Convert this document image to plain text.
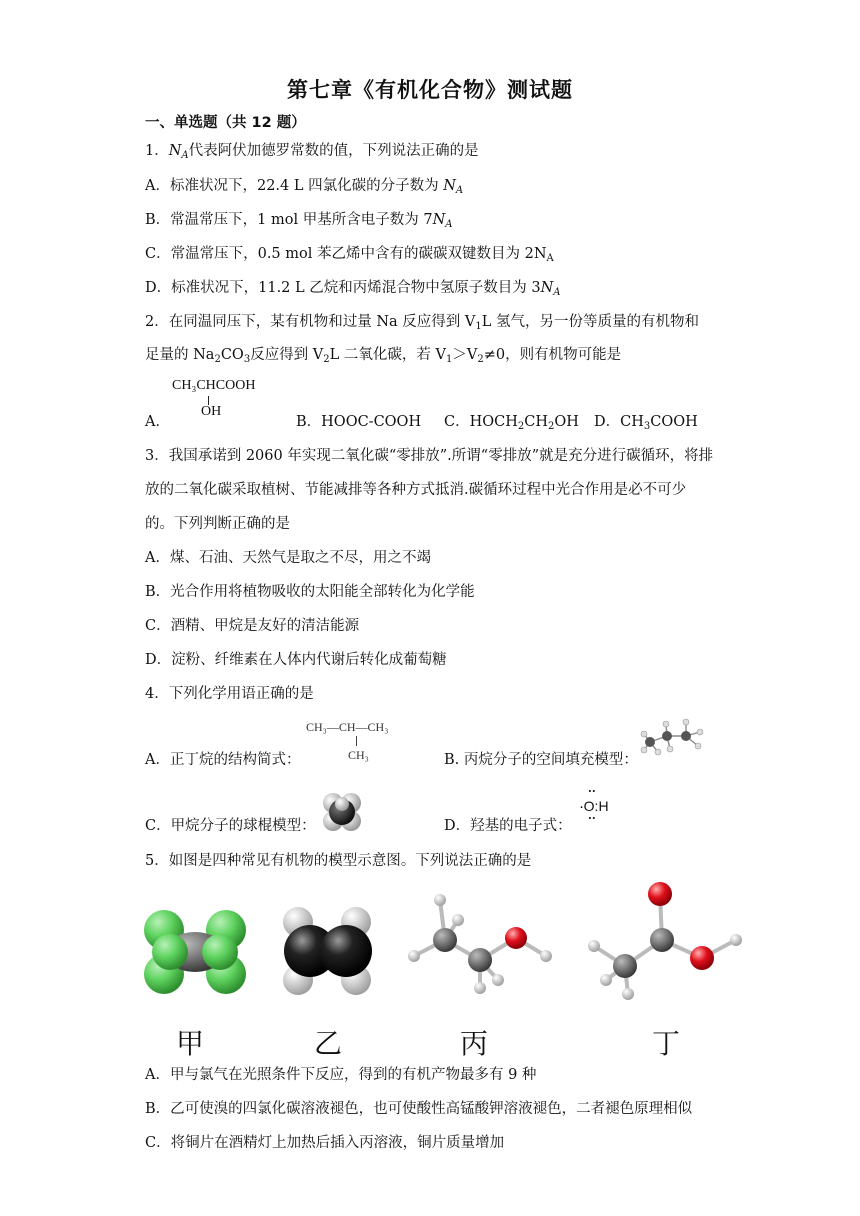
第七章《有机化合物》测试题
一、单选题（共 12 题）
1．$N_A$代表阿伏加德罗常数的值，下列说法正确的是
A．标准状况下，22.4 L 四氯化碳的分子数为 $N_A$
B．常温常压下，1 mol 甲基所含电子数为 $7N_A$
C．常温常压下，0.5 mol 苯乙烯中含有的碳碳双键数目为 $2N_A$
D．标准状况下，11.2 L 乙烷和丙烯混合物中氢原子数目为 $3N_A$
2．在同温同压下，某有机物和过量 Na 反应得到 $V_1L$ 氢气，另一份等质量的有机物和
足量的 $Na_2CO_3$反应得到 $V_2L$ 二氧化碳，若 $V_1>V_2\ne 0$，则有机物可能是
CH₃CHCOOH
OH
A．	B．HOOC-COOH C．$HOCH_2CH_2OH$ D．$CH_3COOH$
3．我国承诺到 2060 年实现二氧化碳“零排放”.所谓“零排放”就是充分进行碳循环，将排
放的二氧化碳采取植树、节能减排等各种方式抵消.碳循环过程中光合作用是必不可少
的。下列判断正确的是
A．煤、石油、天然气是取之不尽，用之不竭
B．光合作用将植物吸收的太阳能全部转化为化学能
C．酒精、甲烷是友好的清洁能源
D．淀粉、纤维素在人体内代谢后转化成葡萄糖
4．下列化学用语正确的是
A．正丁烷的结构简式：
CH₃—CH—CH₃
CH₃	B. 丙烷分子的空间填充模型：
C．甲烷分子的球棍模型：	D．羟基的电子式：
··
·O:H
··
5．如图是四种常见有机物的模型示意图。下列说法正确的是
甲	乙	丙	丁
A．甲与氯气在光照条件下反应，得到的有机产物最多有 9 种
B．乙可使溴的四氯化碳溶液褪色，也可使酸性高锰酸钾溶液褪色，二者褪色原理相似
C．将铜片在酒精灯上加热后插入丙溶液，铜片质量增加
